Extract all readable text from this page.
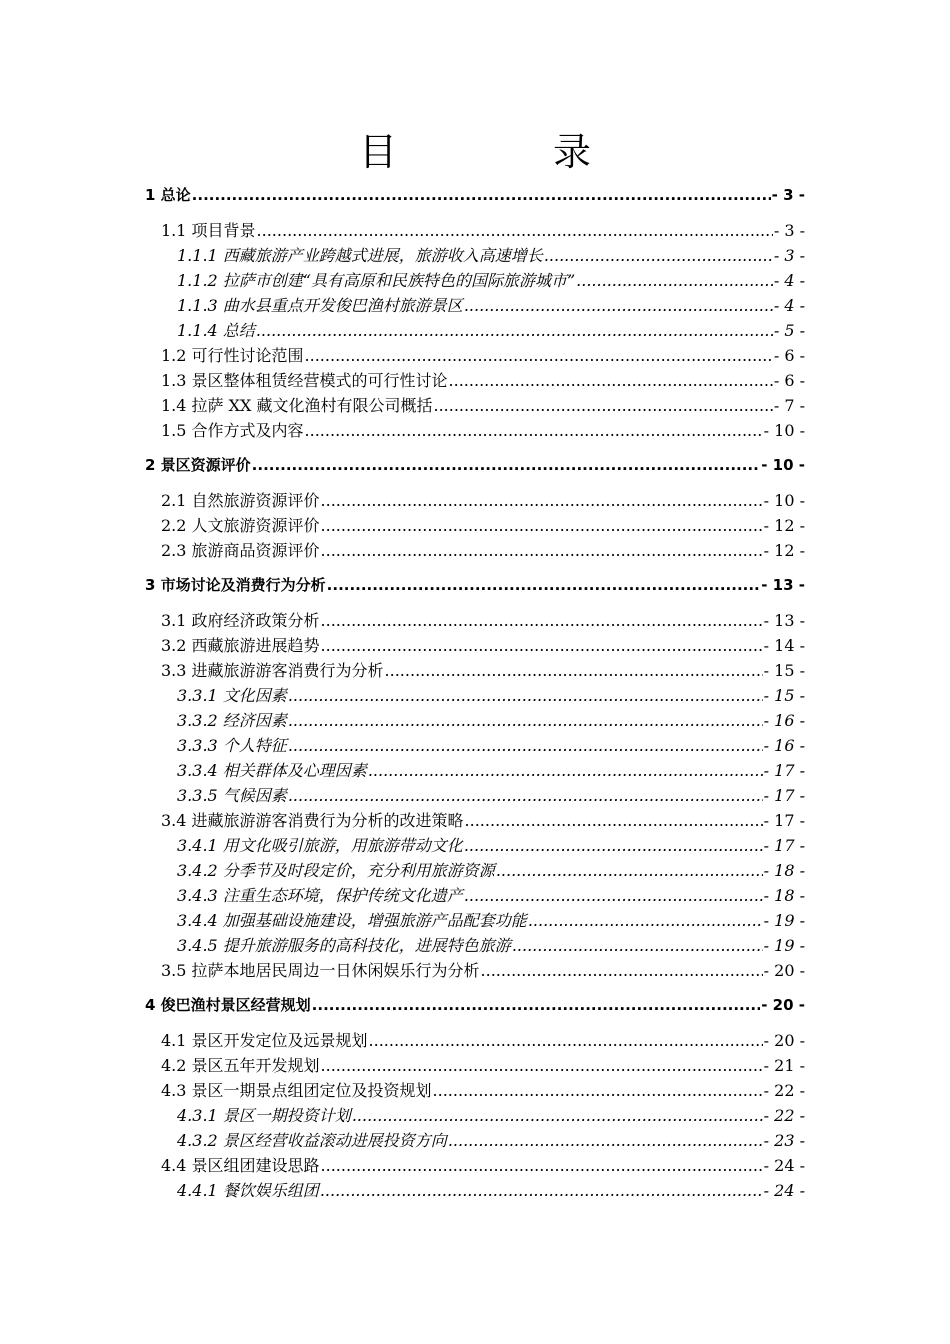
目 录
1 总论 .....	- 3 -
1.1 项目背景 .....	- 3 -
1.1.1 西藏旅游产业跨越式进展，旅游收入高速增长 .....	- 3 -
1.1.2 拉萨市创建“具有高原和民族特色的国际旅游城市” .....	- 4 -
1.1.3 曲水县重点开发俊巴渔村旅游景区 .....	- 4 -
1.1.4 总结 .....	- 5 -
1.2 可行性讨论范围 .....	- 6 -
1.3 景区整体租赁经营模式的可行性讨论 .....	- 6 -
1.4 拉萨 XX 藏文化渔村有限公司概括 .....	- 7 -
1.5 合作方式及内容 .....	- 10 -
2 景区资源评价 .....	- 10 -
2.1 自然旅游资源评价 .....	- 10 -
2.2 人文旅游资源评价 .....	- 12 -
2.3 旅游商品资源评价 .....	- 12 -
3 市场讨论及消费行为分析 .....	- 13 -
3.1 政府经济政策分析 .....	- 13 -
3.2 西藏旅游进展趋势 .....	- 14 -
3.3 进藏旅游游客消费行为分析 .....	- 15 -
3.3.1 文化因素 .....	- 15 -
3.3.2 经济因素 .....	- 16 -
3.3.3 个人特征 .....	- 16 -
3.3.4 相关群体及心理因素 .....	- 17 -
3.3.5 气候因素 .....	- 17 -
3.4 进藏旅游游客消费行为分析的改进策略 .....	- 17 -
3.4.1 用文化吸引旅游，用旅游带动文化 .....	- 17 -
3.4.2 分季节及时段定价，充分利用旅游资源 .....	- 18 -
3.4.3 注重生态环境，保护传统文化遗产 .....	- 18 -
3.4.4 加强基础设施建设，增强旅游产品配套功能 .....	- 19 -
3.4.5 提升旅游服务的高科技化，进展特色旅游 .....	- 19 -
3.5 拉萨本地居民周边一日休闲娱乐行为分析 .....	- 20 -
4 俊巴渔村景区经营规划 .....	- 20 -
4.1 景区开发定位及远景规划 .....	- 20 -
4.2 景区五年开发规划 .....	- 21 -
4.3 景区一期景点组团定位及投资规划 .....	- 22 -
4.3.1 景区一期投资计划 .....	- 22 -
4.3.2 景区经营收益滚动进展投资方向 .....	- 23 -
4.4 景区组团建设思路 .....	- 24 -
4.4.1 餐饮娱乐组团 .....	- 24 -
